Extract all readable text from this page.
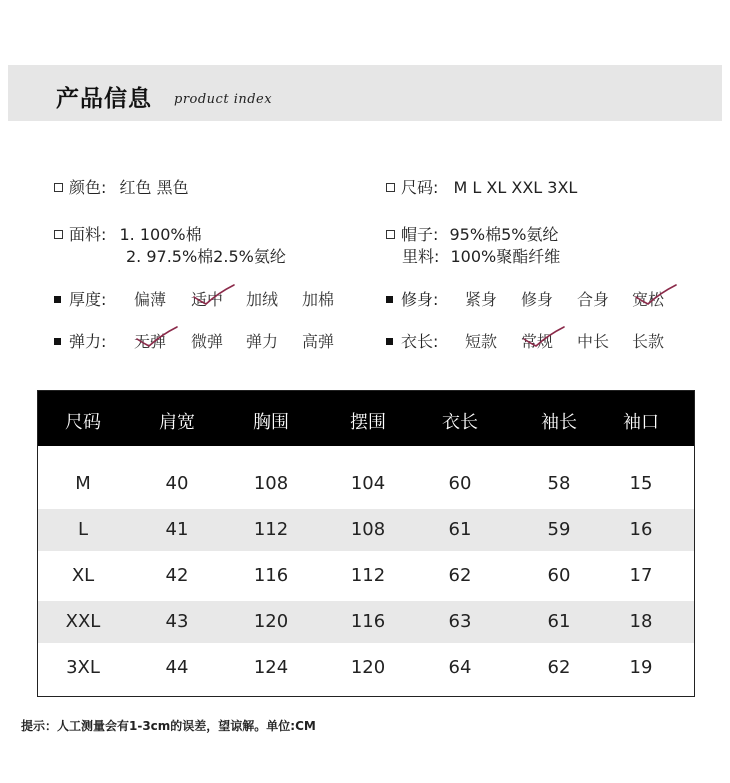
产品信息 product index
颜色: 红色 黑色	尺码: M L XL XXL 3XL
面料: 1. 100%棉
2. 97.5%棉2.5%氨纶
帽子: 95%棉5%氨纶
里料: 100%聚酯纤维
厚度: 偏薄 适中 加绒 加棉	修身: 紧身 修身 合身 宽松
弹力: 无弹 微弹 弹力 高弹	衣长: 短款 常规 中长 长款
尺码	肩宽	胸围	摆围	衣长	袖长	袖口
M	40	108	104	60	58	15
L	41	112	108	61	59	16
XL	42	116	112	62	60	17
XXL	43	120	116	63	61	18
3XL	44	124	120	64	62	19
提示：人工测量会有1-3cm的误差，望谅解。单位:CM
